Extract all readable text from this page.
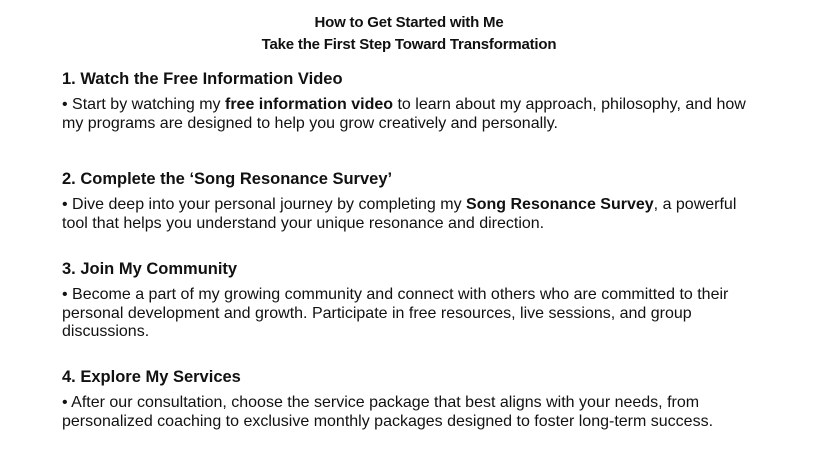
How to Get Started with Me
Take the First Step Toward Transformation
1. Watch the Free Information Video
• Start by watching my free information video to learn about my approach, philosophy, and how my programs are designed to help you grow creatively and personally.
2. Complete the ‘Song Resonance Survey’
• Dive deep into your personal journey by completing my Song Resonance Survey, a powerful tool that helps you understand your unique resonance and direction.
3. Join My Community
• Become a part of my growing community and connect with others who are committed to their personal development and growth. Participate in free resources, live sessions, and group discussions.
4. Explore My Services
• After our consultation, choose the service package that best aligns with your needs, from personalized coaching to exclusive monthly packages designed to foster long-term success.
